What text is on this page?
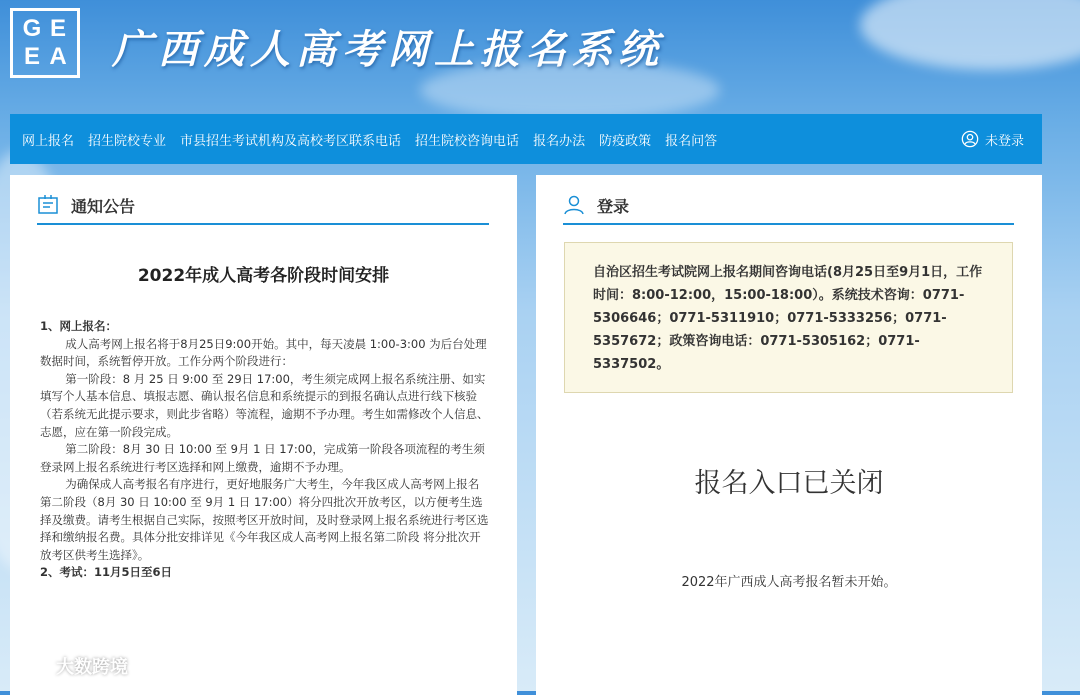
G E
E A 广西成人高考网上报名系统
网上报名 招生院校专业 市县招生考试机构及高校考区联系电话 招生院校咨询电话 报名办法 防疫政策 报名问答	未登录
通知公告
2022年成人高考各阶段时间安排

1、网上报名：

成人高考网上报名将于8月25日9:00开始。其中，每天凌晨 1:00-3:00 为后台处理数据时间，系统暂停开放。工作分两个阶段进行：

第一阶段：8 月 25 日 9:00 至 29日 17:00，考生须完成网上报名系统注册、如实填写个人基本信息、填报志愿、确认报名信息和系统提示的到报名确认点进行线下核验（若系统无此提示要求，则此步省略）等流程，逾期不予办理。考生如需修改个人信息、志愿，应在第一阶段完成。

第二阶段：8月 30 日 10:00 至 9月 1 日 17:00，完成第一阶段各项流程的考生须登录网上报名系统进行考区选择和网上缴费，逾期不予办理。

为确保成人高考报名有序进行，更好地服务广大考生，今年我区成人高考网上报名第二阶段（8月 30 日 10:00 至 9月 1 日 17:00）将分四批次开放考区，以方便考生选择及缴费。请考生根据自己实际，按照考区开放时间，及时登录网上报名系统进行考区选择和缴纳报名费。具体分批安排详见《今年我区成人高考网上报名第二阶段 将分批次开放考区供考生选择》。

2、考试：11月5日至6日

登录
自治区招生考试院网上报名期间咨询电话(8月25日至9月1日，工作时间：8:00-12:00，15:00-18:00）。系统技术咨询：0771-5306646；0771-5311910；0771-5333256；0771-5357672；政策咨询电话：0771-5305162；0771-5337502。
报名入口已关闭
2022年广西成人高考报名暂未开始。
大数跨境
